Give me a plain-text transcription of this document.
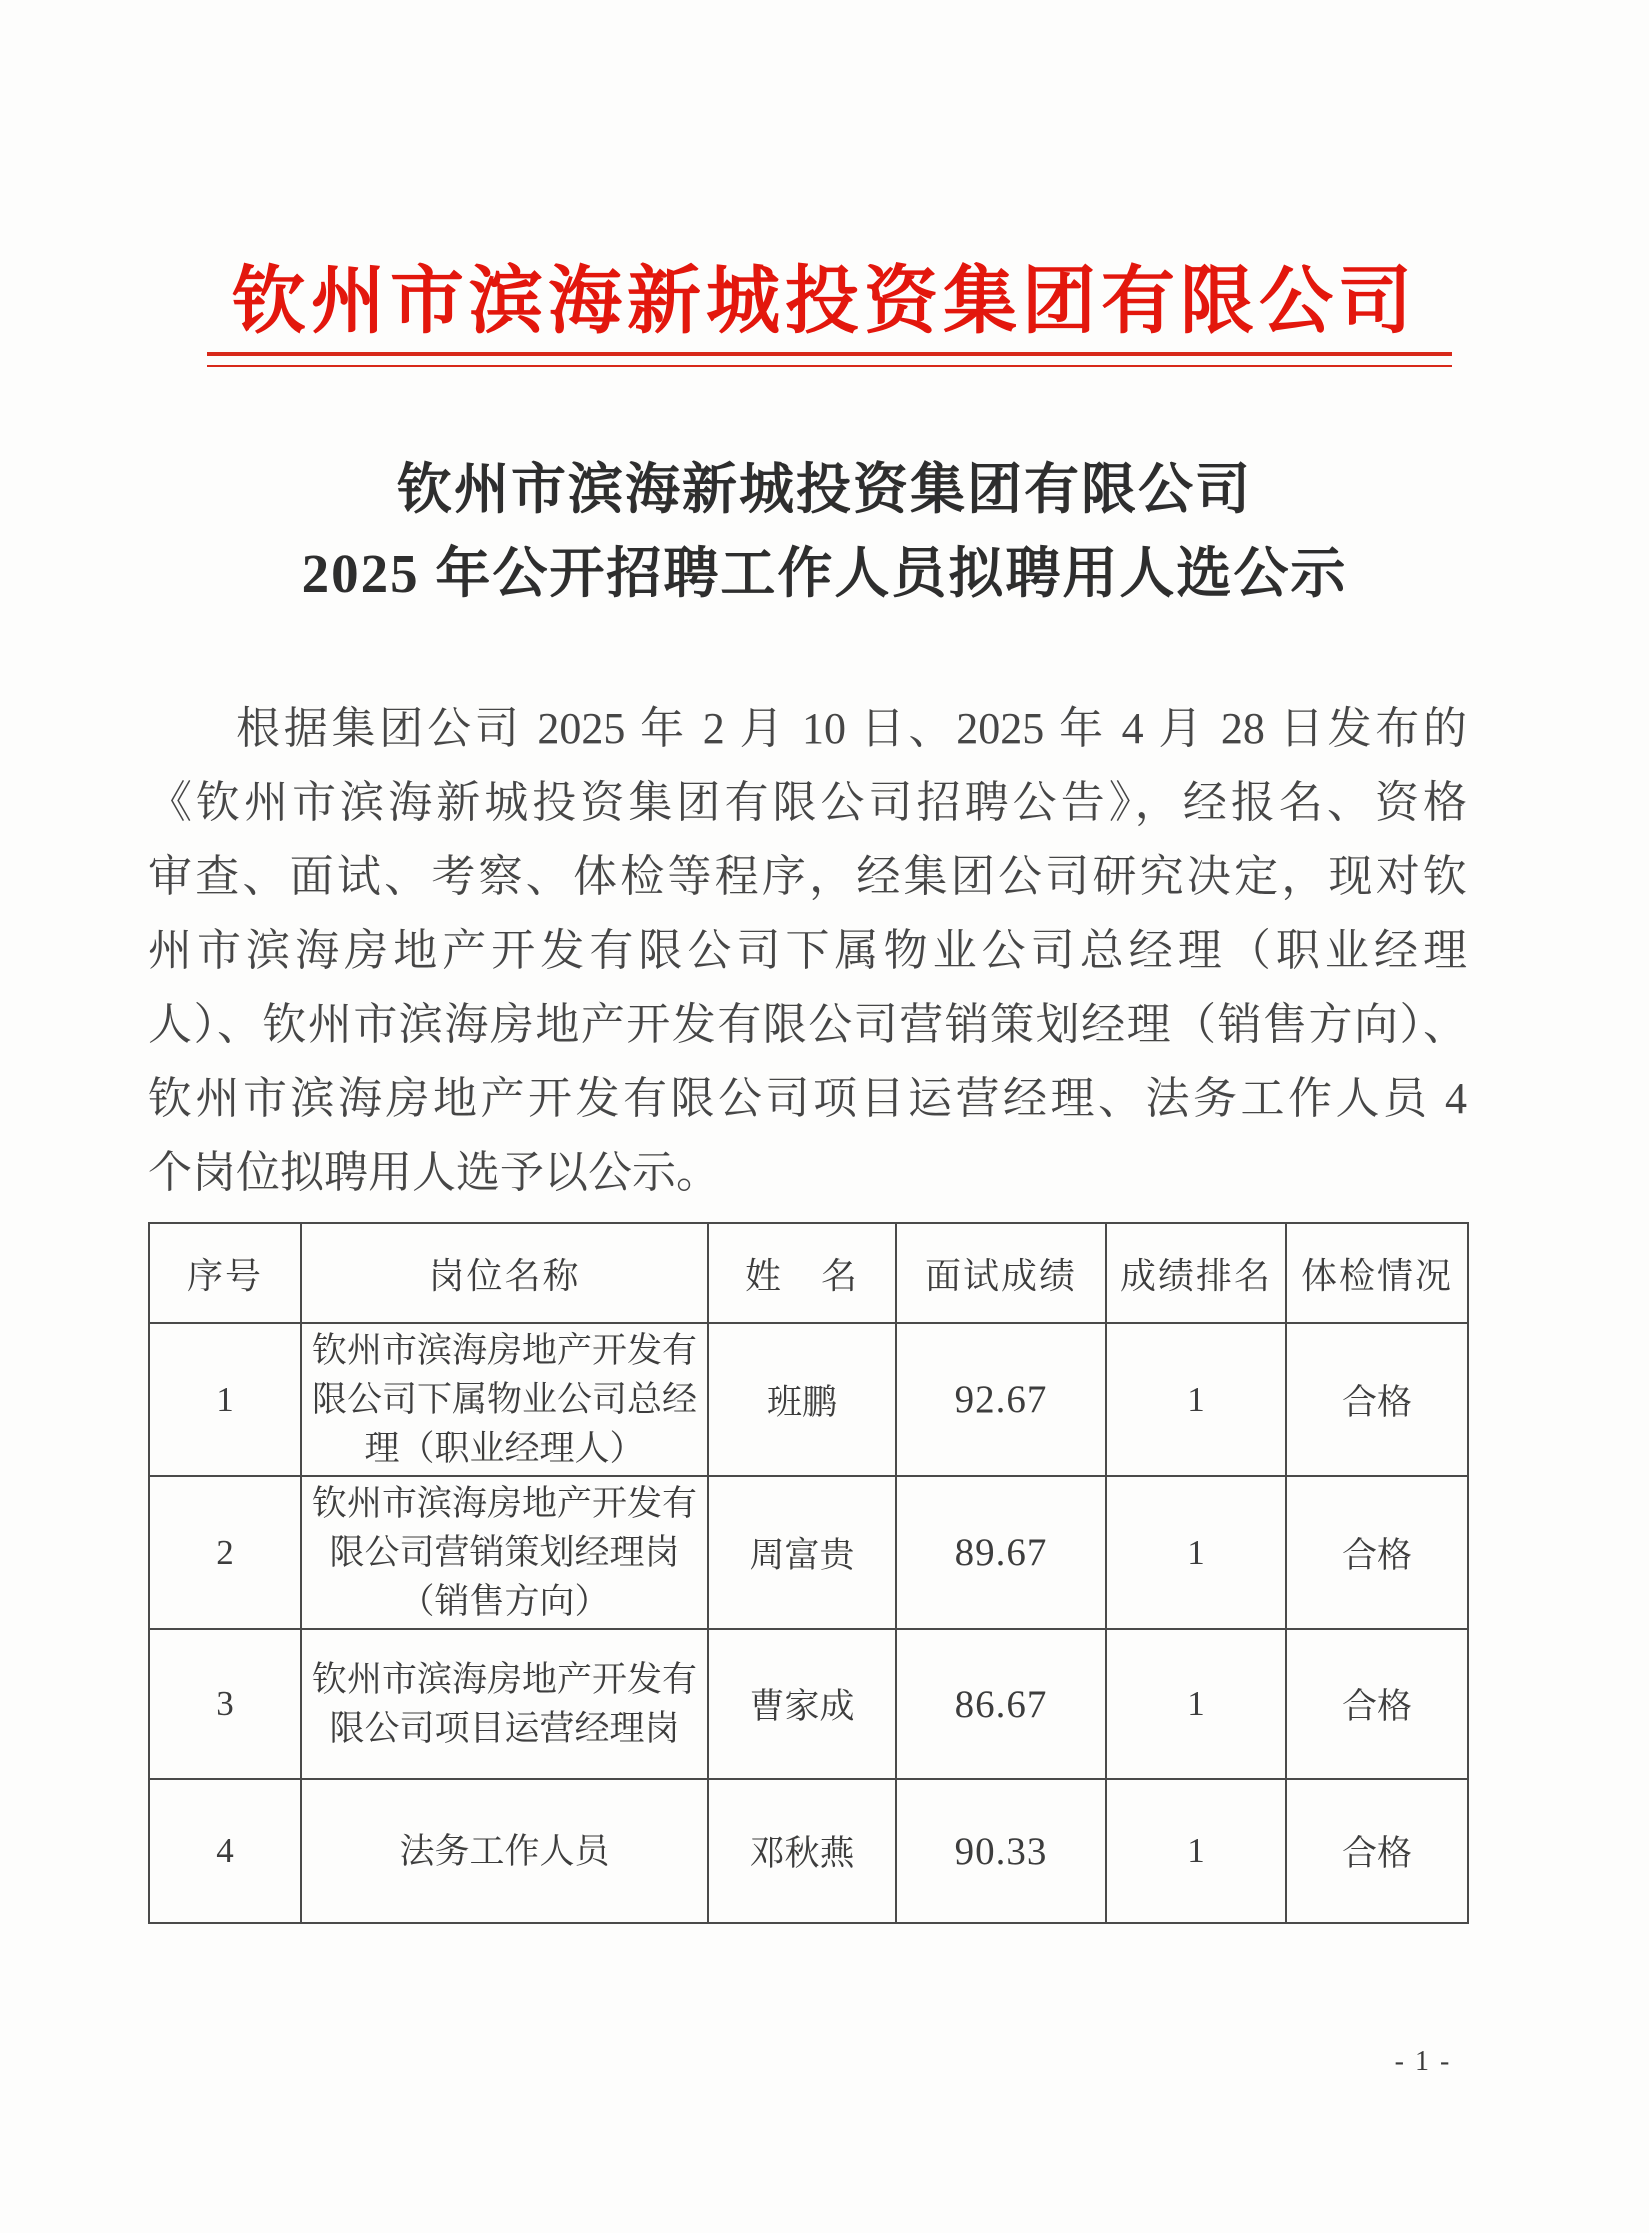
钦州市滨海新城投资集团有限公司
钦州市滨海新城投资集团有限公司
2025 年公开招聘工作人员拟聘用人选公示
根据集团公司 2025 年 2 月 10 日、2025 年 4 月 28 日发布的
《钦州市滨海新城投资集团有限公司招聘公告》，经报名、资格
审查、面试、考察、体检等程序，经集团公司研究决定，现对钦
州市滨海房地产开发有限公司下属物业公司总经理（职业经理
人）、钦州市滨海房地产开发有限公司营销策划经理（销售方向）、
钦州市滨海房地产开发有限公司项目运营经理、法务工作人员 4
个岗位拟聘用人选予以公示。
序号	岗位名称	姓　名	面试成绩	成绩排名	体检情况
1	钦州市滨海房地产开发有限公司下属物业公司总经理（职业经理人）	班鹏	92.67	1	合格
2	钦州市滨海房地产开发有限公司营销策划经理岗（销售方向）	周富贵	89.67	1	合格
3	钦州市滨海房地产开发有限公司项目运营经理岗	曹家成	86.67	1	合格
4	法务工作人员	邓秋燕	90.33	1	合格
- 1 -
